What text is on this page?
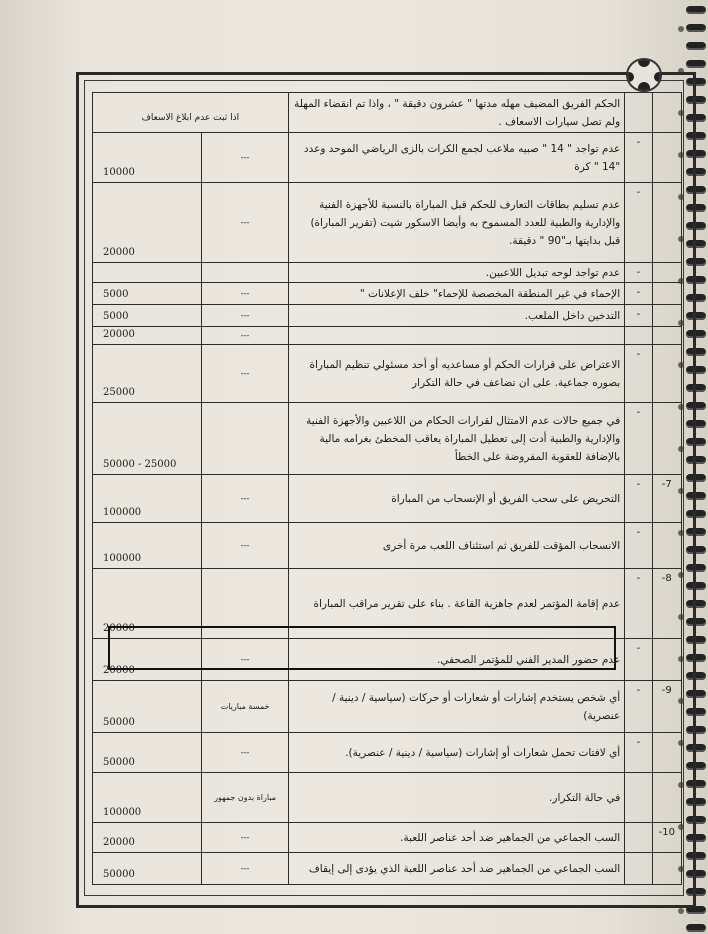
		الحكم الفريق المضيف مهله مدتها " عشرون دقيقة " ، واذا تم انقضاء المهلة ولم تصل سيارات الاسعاف .	اذا ثبت عدم ابلاغ الاسعاف	
	-	عدم تواجد " 14 " صبيه ملاعب لجمع الكرات بالزى الرياضي الموحد وعدد "14 " كرة	---	10000
	-	عدم تسليم بطاقات التعارف للحكم قبل المباراة بالنسبة للأجهزة الفنية والإدارية والطبية للعدد المسموح به وأيضا الاسكور شيت (تقرير المباراة) قبل بدايتها بـ"90 " دقيقة.	---	20000
	-	عدم تواجد لوحه تبديل اللاعبين.		
	-	الإحماء في غير المنطقة المخصصة للإحماء" خلف الإعلانات "	---	5000
	-	التدخين داخل الملعب.	---	5000
			---	20000
	-	الاعتراض على قرارات الحكم أو مساعديه أو أحد مسئولي تنظيم المباراة بصوره جماعية. على ان تضاعف في حالة التكرار	---	25000
	-	في جميع حالات عدم الامتثال لقرارات الحكام من اللاعبين والأجهزة الفنية والإدارية والطبية أدت إلى تعطيل المباراة يعاقب المخطئ بغرامه مالية بالإضافة للعقوبة المفروضة على الخطأ		50000 - 25000
7-	-	التحريض على سحب الفريق أو الإنسحاب من المباراة	---	100000
	-	الانسحاب المؤقت للفريق ثم استئناف اللعب مرة أخرى	---	100000
8-	-	عدم إقامة المؤتمر لعدم جاهزية القاعة . بناء على تقرير مراقب المباراة		20000
	-	عدم حضور المدير الفني للمؤتمر الصحفي.	---	20000
9-	-	أي شخص يستخدم إشارات أو شعارات أو حركات (سياسية / دينية / عنصرية)	خمسة مباريات	50000
	-	أي لافتات تحمل شعارات أو إشارات (سياسية / دينية / عنصرية).	---	50000
		في حالة التكرار.	مباراة بدون جمهور	100000
10-		السب الجماعي من الجماهير ضد أحد عناصر اللعبة.	---	20000
		السب الجماعي من الجماهير ضد أحد عناصر اللعبة الذي يؤدى إلى إيقاف	---	50000
